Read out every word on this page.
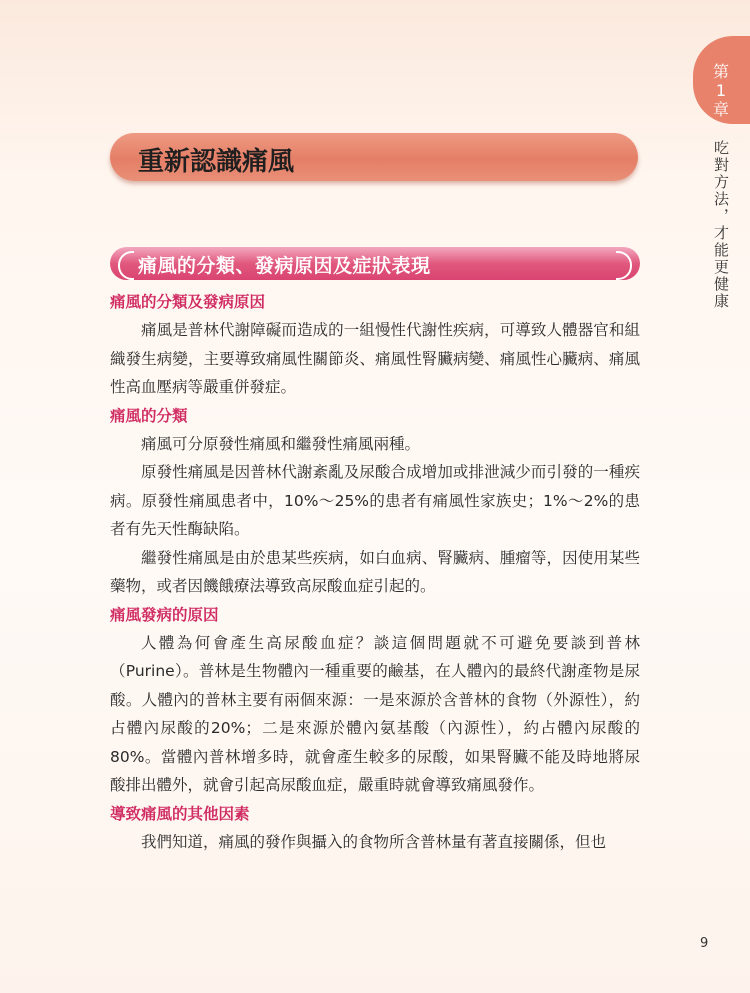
第
1
章
吃對方法，才能更健康
重新認識痛風
痛風的分類、發病原因及症狀表現
痛風的分類及發病原因

痛風是普林代謝障礙而造成的一組慢性代謝性疾病，可導致人體器官和組織發生病變，主要導致痛風性關節炎、痛風性腎臟病變、痛風性心臟病、痛風性高血壓病等嚴重併發症。

痛風的分類

痛風可分原發性痛風和繼發性痛風兩種。

原發性痛風是因普林代謝紊亂及尿酸合成增加或排泄減少而引發的一種疾病。原發性痛風患者中，10%～25%的患者有痛風性家族史；1%～2%的患者有先天性酶缺陷。

繼發性痛風是由於患某些疾病，如白血病、腎臟病、腫瘤等，因使用某些藥物，或者因饑餓療法導致高尿酸血症引起的。

痛風發病的原因

人體為何會產生高尿酸血症？談這個問題就不可避免要談到普林（Purine）。普林是生物體內一種重要的鹼基，在人體內的最終代謝產物是尿酸。人體內的普林主要有兩個來源：一是來源於含普林的食物（外源性），約占體內尿酸的20%；二是來源於體內氨基酸（內源性），約占體內尿酸的80%。當體內普林增多時，就會產生較多的尿酸，如果腎臟不能及時地將尿酸排出體外，就會引起高尿酸血症，嚴重時就會導致痛風發作。

導致痛風的其他因素

我們知道，痛風的發作與攝入的食物所含普林量有著直接關係，但也

9
